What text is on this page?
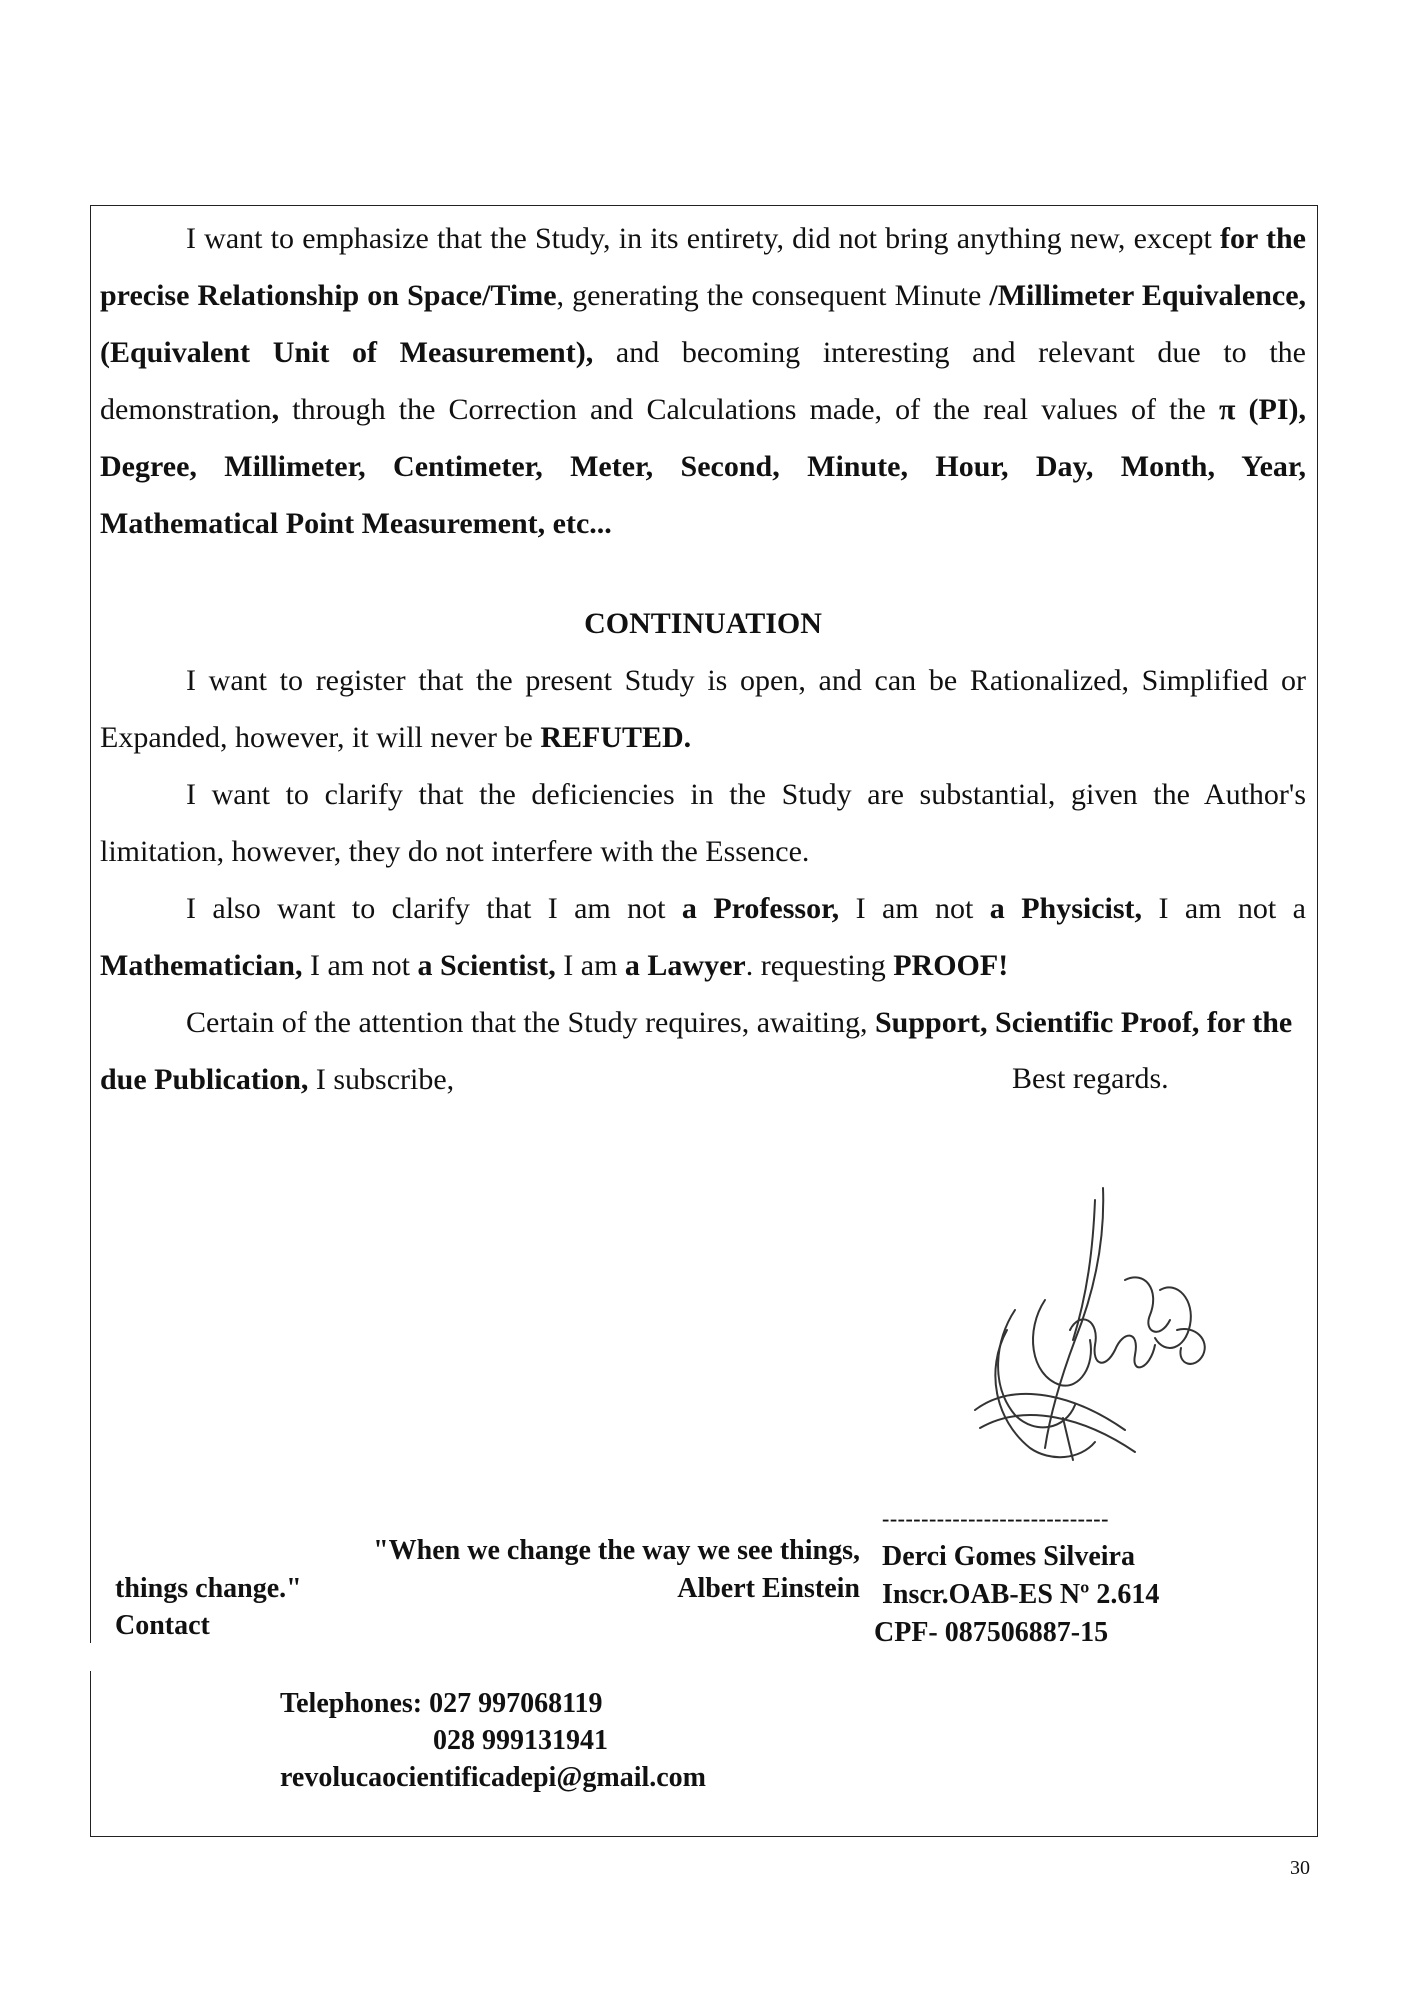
I want to emphasize that the Study, in its entirety, did not bring anything new, except for the precise Relationship on Space/Time, generating the consequent Minute /Millimeter Equivalence, (Equivalent Unit of Measurement), and becoming interesting and relevant due to the demonstration, through the Correction and Calculations made, of the real values of the π (PI), Degree, Millimeter, Centimeter, Meter, Second, Minute, Hour, Day, Month, Year, Mathematical Point Measurement, etc...

CONTINUATION

I want to register that the present Study is open, and can be Rationalized, Simplified or Expanded, however, it will never be REFUTED.

I want to clarify that the deficiencies in the Study are substantial, given the Author's limitation, however, they do not interfere with the Essence.

I also want to clarify that I am not a Professor, I am not a Physicist, I am not a Mathematician, I am not a Scientist, I am a Lawyer. requesting PROOF!

Certain of the attention that the Study requires, awaiting, Support, Scientific Proof, for the due Publication, I subscribe,	Best regards.
"When we change the way we see things,
things change."	Albert Einstein
-----------------------------
Derci Gomes Silveira
Inscr.OAB-ES Nº 2.614
CPF- 087506887-15
Contact
Telephones: 027 997068119
028 999131941
revolucaocientificadepi@gmail.com
30
